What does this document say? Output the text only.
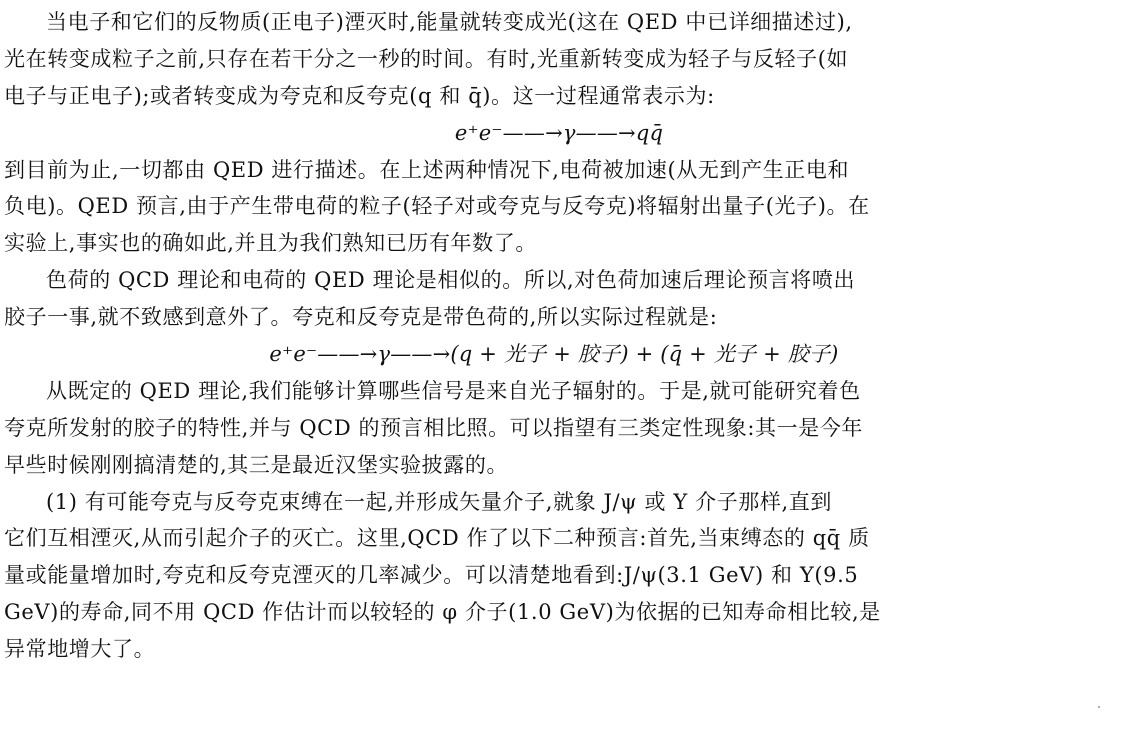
当电子和它们的反物质(正电子)湮灭时,能量就转变成光(这在 QED 中已详细描述过),
光在转变成粒子之前,只存在若干分之一秒的时间。有时,光重新转变成为轻子与反轻子(如
电子与正电子);或者转变成为夸克和反夸克(q 和 q̄)。这一过程通常表示为:
e⁺e⁻——→γ——→qq̄
到目前为止,一切都由 QED 进行描述。在上述两种情况下,电荷被加速(从无到产生正电和
负电)。QED 预言,由于产生带电荷的粒子(轻子对或夸克与反夸克)将辐射出量子(光子)。在
实验上,事实也的确如此,并且为我们熟知已历有年数了。
色荷的 QCD 理论和电荷的 QED 理论是相似的。所以,对色荷加速后理论预言将喷出
胶子一事,就不致感到意外了。夸克和反夸克是带色荷的,所以实际过程就是:
e⁺e⁻——→γ——→(q + 光子 + 胶子) + (q̄ + 光子 + 胶子)
从既定的 QED 理论,我们能够计算哪些信号是来自光子辐射的。于是,就可能研究着色
夸克所发射的胶子的特性,并与 QCD 的预言相比照。可以指望有三类定性现象:其一是今年
早些时候刚刚搞清楚的,其三是最近汉堡实验披露的。
(1) 有可能夸克与反夸克束缚在一起,并形成矢量介子,就象 J/ψ 或 Υ 介子那样,直到
它们互相湮灭,从而引起介子的灭亡。这里,QCD 作了以下二种预言:首先,当束缚态的 qq̄ 质
量或能量增加时,夸克和反夸克湮灭的几率减少。可以清楚地看到:J/ψ(3.1 GeV) 和 Υ(9.5
GeV)的寿命,同不用 QCD 作估计而以较轻的 φ 介子(1.0 GeV)为依据的已知寿命相比较,是
异常地增大了。
